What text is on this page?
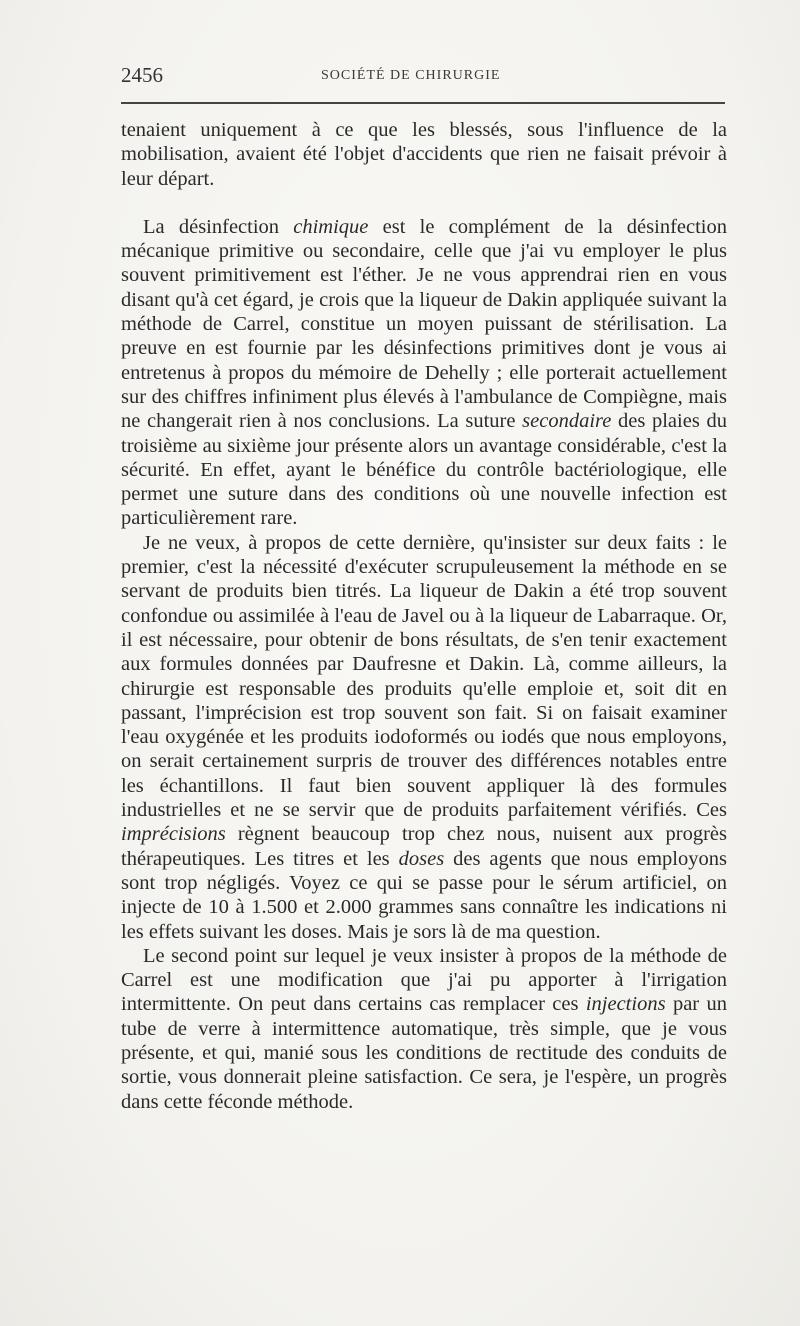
2456	SOCIÉTÉ DE CHIRURGIE

tenaient uniquement à ce que les blessés, sous l'influence de la mobilisation, avaient été l'objet d'accidents que rien ne faisait prévoir à leur départ.

La désinfection chimique est le complément de la désinfection mécanique primitive ou secondaire, celle que j'ai vu employer le plus souvent primitivement est l'éther. Je ne vous apprendrai rien en vous disant qu'à cet égard, je crois que la liqueur de Dakin appliquée suivant la méthode de Carrel, constitue un moyen puissant de stérilisation. La preuve en est fournie par les désinfections primitives dont je vous ai entretenus à propos du mémoire de Dehelly ; elle porterait actuellement sur des chiffres infiniment plus élevés à l'ambulance de Compiègne, mais ne changerait rien à nos conclusions. La suture secondaire des plaies du troisième au sixième jour présente alors un avantage considérable, c'est la sécurité. En effet, ayant le bénéfice du contrôle bactériologique, elle permet une suture dans des conditions où une nouvelle infection est particulièrement rare.

Je ne veux, à propos de cette dernière, qu'insister sur deux faits : le premier, c'est la nécessité d'exécuter scrupuleusement la méthode en se servant de produits bien titrés. La liqueur de Dakin a été trop souvent confondue ou assimilée à l'eau de Javel ou à la liqueur de Labarraque. Or, il est nécessaire, pour obtenir de bons résultats, de s'en tenir exactement aux formules données par Daufresne et Dakin. Là, comme ailleurs, la chirurgie est responsable des produits qu'elle emploie et, soit dit en passant, l'imprécision est trop souvent son fait. Si on faisait examiner l'eau oxygénée et les produits iodoformés ou iodés que nous employons, on serait certainement surpris de trouver des différences notables entre les échantillons. Il faut bien souvent appliquer là des formules industrielles et ne se servir que de produits parfaitement vérifiés. Ces imprécisions règnent beaucoup trop chez nous, nuisent aux progrès thérapeutiques. Les titres et les doses des agents que nous employons sont trop négligés. Voyez ce qui se passe pour le sérum artificiel, on injecte de 10 à 1.500 et 2.000 grammes sans connaître les indications ni les effets suivant les doses. Mais je sors là de ma question.

Le second point sur lequel je veux insister à propos de la méthode de Carrel est une modification que j'ai pu apporter à l'irrigation intermittente. On peut dans certains cas remplacer ces injections par un tube de verre à intermittence automatique, très simple, que je vous présente, et qui, manié sous les conditions de rectitude des conduits de sortie, vous donnerait pleine satisfaction. Ce sera, je l'espère, un progrès dans cette féconde méthode.
